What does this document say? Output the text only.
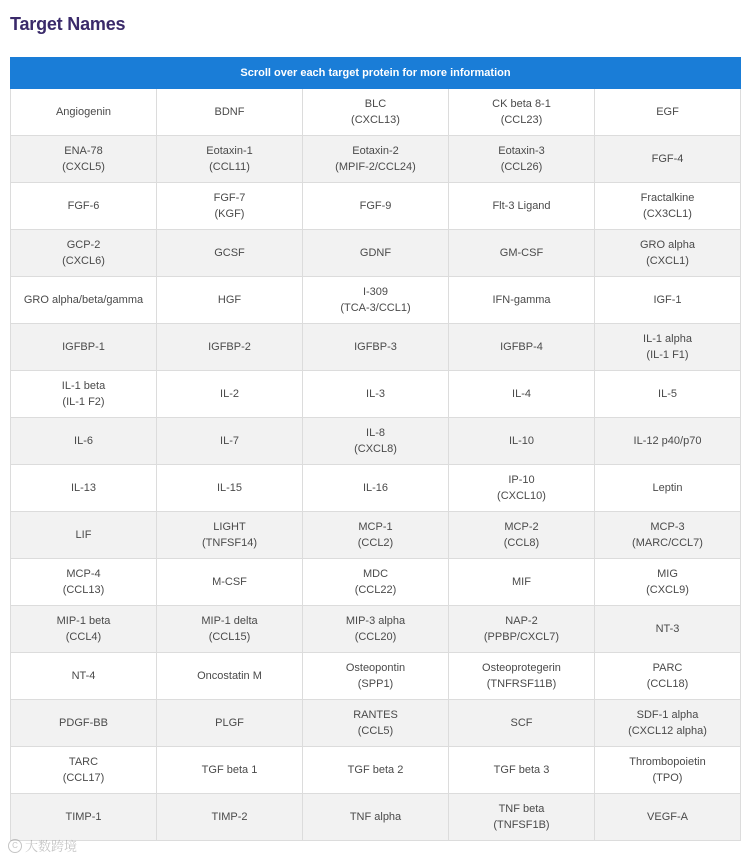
Target Names
Scroll over each target protein for more information				

Angiogenin	BDNF	BLC
(CXCL13)	CK beta 8-1
(CCL23)	EGF

ENA-78
(CXCL5)	Eotaxin-1
(CCL11)	Eotaxin-2
(MPIF-2/CCL24)	Eotaxin-3
(CCL26)	FGF-4

FGF-6	FGF-7
(KGF)	FGF-9	Flt-3 Ligand	Fractalkine
(CX3CL1)

GCP-2
(CXCL6)	GCSF	GDNF	GM-CSF	GRO alpha
(CXCL1)

GRO alpha/beta/gamma	HGF	I-309
(TCA-3/CCL1)	IFN-gamma	IGF-1

IGFBP-1	IGFBP-2	IGFBP-3	IGFBP-4	IL-1 alpha
(IL-1 F1)

IL-1 beta
(IL-1 F2)	IL-2	IL-3	IL-4	IL-5

IL-6	IL-7	IL-8
(CXCL8)	IL-10	IL-12 p40/p70

IL-13	IL-15	IL-16	IP-10
(CXCL10)	Leptin

LIF	LIGHT
(TNFSF14)	MCP-1
(CCL2)	MCP-2
(CCL8)	MCP-3
(MARC/CCL7)

MCP-4
(CCL13)	M-CSF	MDC
(CCL22)	MIF	MIG
(CXCL9)

MIP-1 beta
(CCL4)	MIP-1 delta
(CCL15)	MIP-3 alpha
(CCL20)	NAP-2
(PPBP/CXCL7)	NT-3

NT-4	Oncostatin M	Osteopontin
(SPP1)	Osteoprotegerin
(TNFRSF11B)	PARC
(CCL18)

PDGF-BB	PLGF	RANTES
(CCL5)	SCF	SDF-1 alpha
(CXCL12 alpha)

TARC
(CCL17)	TGF beta 1	TGF beta 2	TGF beta 3	Thrombopoietin
(TPO)

TIMP-1	TIMP-2	TNF alpha	TNF beta
(TNFSF1B)	VEGF-A
C 大数跨境
